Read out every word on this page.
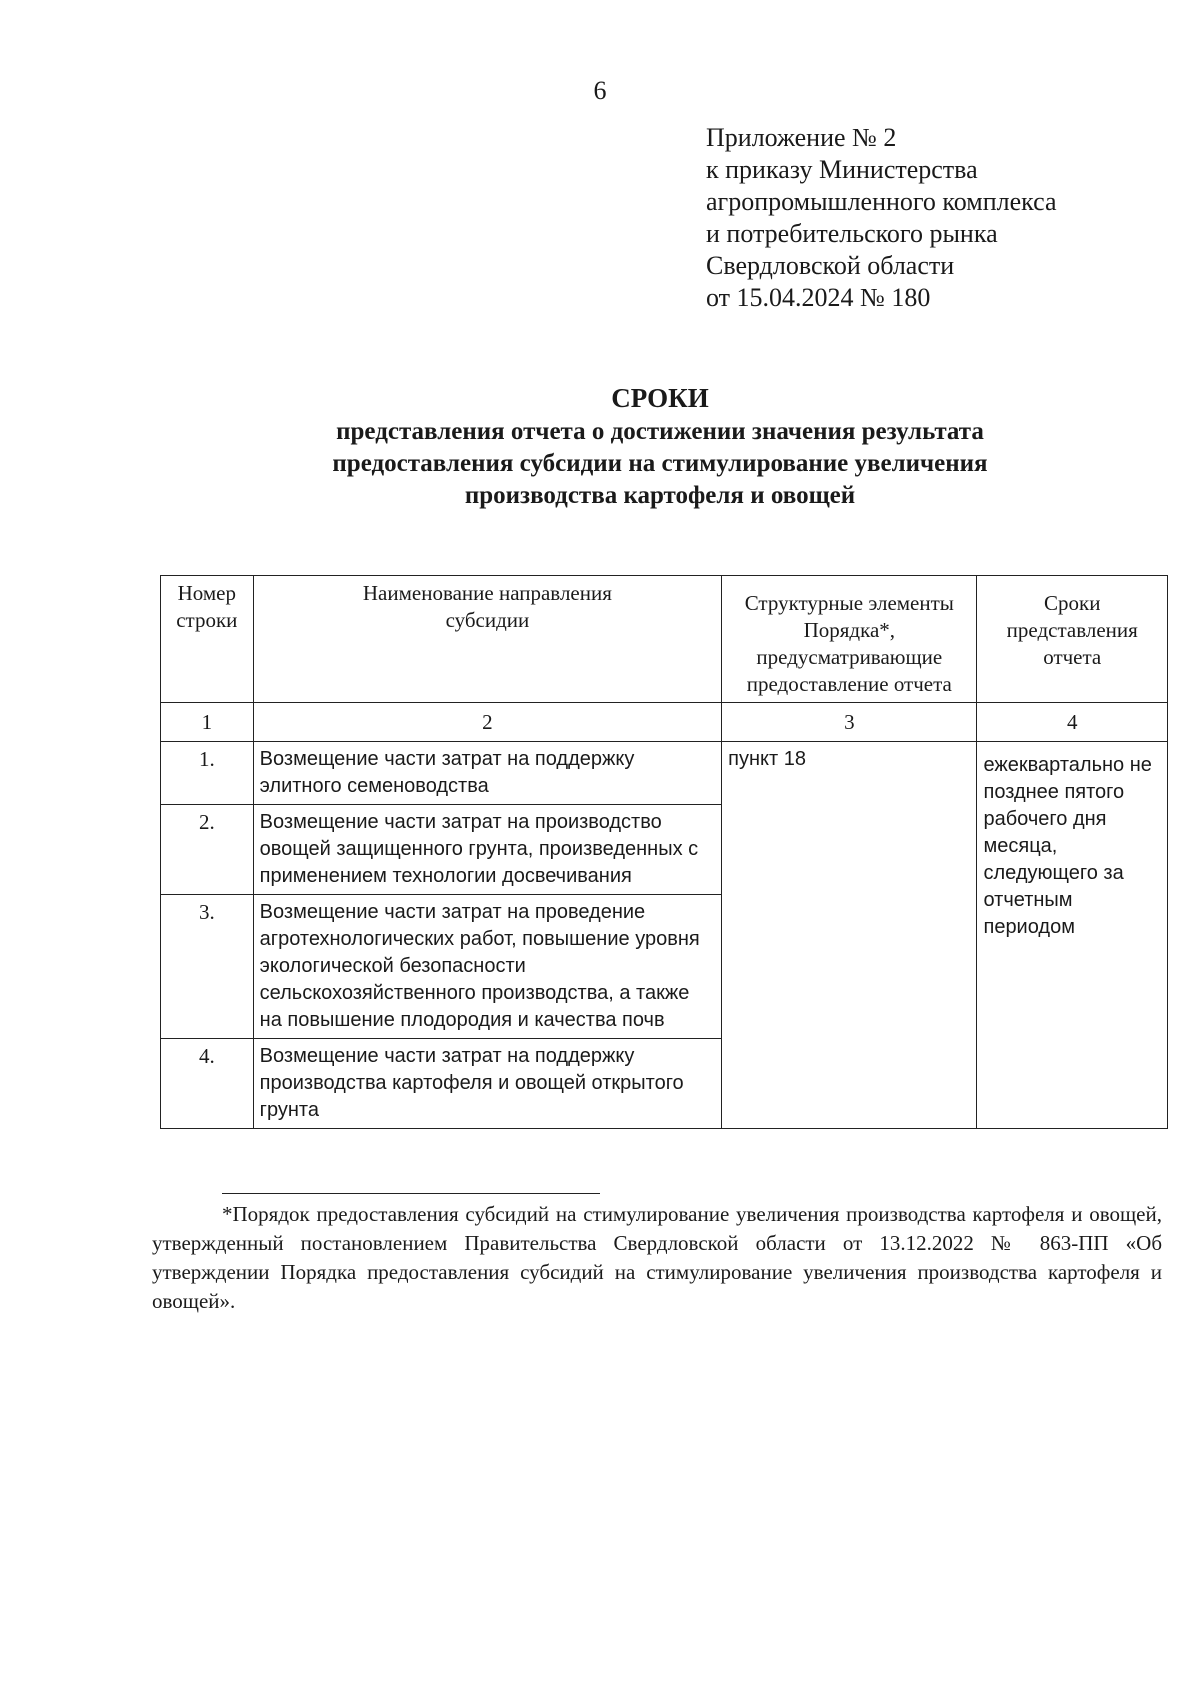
6
Приложение № 2
к приказу Министерства
агропромышленного комплекса
и потребительского рынка
Свердловской области
от 15.04.2024 № 180
СРОКИ
представления отчета о достижении значения результата
предоставления субсидии на стимулирование увеличения
производства картофеля и овощей
Номер строки	Наименование направления субсидии	Структурные элементы Порядка*, предусматривающие предоставление отчета	Сроки представления отчета
1	2	3	4
1.	Возмещение части затрат на поддержку элитного семеноводства	пункт 18	ежеквартально не позднее пятого рабочего дня месяца, следующего за отчетным периодом
2.	Возмещение части затрат на производство овощей защищенного грунта, произведенных с применением технологии досвечивания		
3.	Возмещение части затрат на проведение агротехнологических работ, повышение уровня экологической безопасности сельскохозяйственного производства, а также на повышение плодородия и качества почв		
4.	Возмещение части затрат на поддержку производства картофеля и овощей открытого грунта		
*Порядок предоставления субсидий на стимулирование увеличения производства картофеля и овощей, утвержденный постановлением Правительства Свердловской области от 13.12.2022 № 863-ПП «Об утверждении Порядка предоставления субсидий на стимулирование увеличения производства картофеля и овощей».
